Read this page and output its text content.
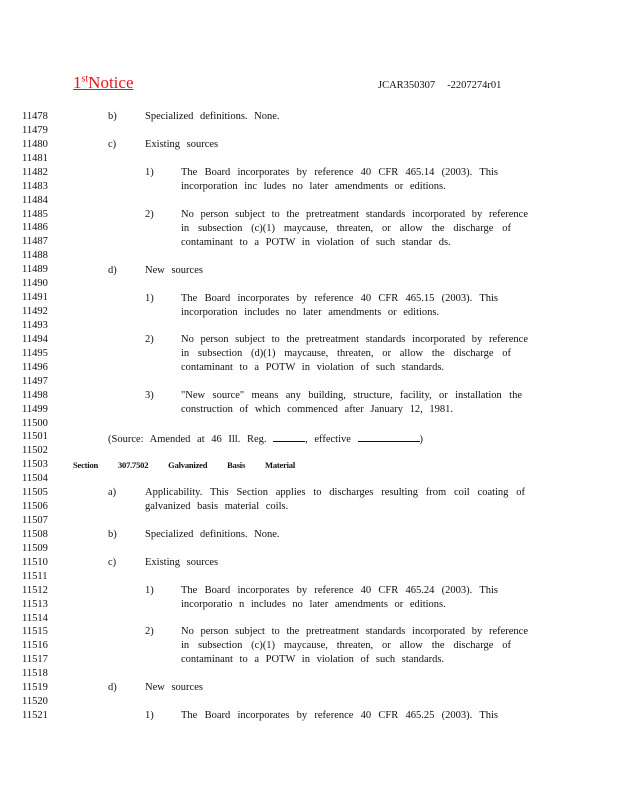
1stNotice	JCAR350307 -2207274r01
11478
11479
11480
11481
11482
11483
11484
11485
11486
11487
11488
11489
11490
11491
11492
11493
11494
11495
11496
11497
11498
11499
11500
11501
11502
11503
11504
11505
11506
11507
11508
11509
11510
11511
11512
11513
11514
11515
11516
11517
11518
11519
11520
11521
b)	Specialized definitions. None.
c)	Existing sources
1)	The Board incorporates by reference 40 CFR 465.14 (2003). This
incorporation inc ludes no later amendments or editions.
2)	No person subject to the pretreatment standards incorporated by reference
in subsection (c)(1) maycause, threaten, or allow the discharge of
contaminant to a POTW in violation of such standar ds.
d)	New sources
1)	The Board incorporates by reference 40 CFR 465.15 (2003). This
incorporation includes no later amendments or editions.
2)	No person subject to the pretreatment standards incorporated by reference
in subsection (d)(1) maycause, threaten, or allow the discharge of
contaminant to a POTW in violation of such standards.
3)	"New source" means any building, structure, facility, or installation the
construction of which commenced after January 12, 1981.
(Source: Amended at 46 Ill. Reg.	, effective	)
Section 307.7502 Galvanized Basis Material
a)	Applicability. This Section applies to discharges resulting from coil coating of
galvanized basis material coils.
b)	Specialized definitions. None.
c)	Existing sources
1)	The Board incorporates by reference 40 CFR 465.24 (2003). This
incorporatio n includes no later amendments or editions.
2)	No person subject to the pretreatment standards incorporated by reference
in subsection (c)(1) maycause, threaten, or allow the discharge of
contaminant to a POTW in violation of such standards.
d)	New sources
1)	The Board incorporates by reference 40 CFR 465.25 (2003). This
